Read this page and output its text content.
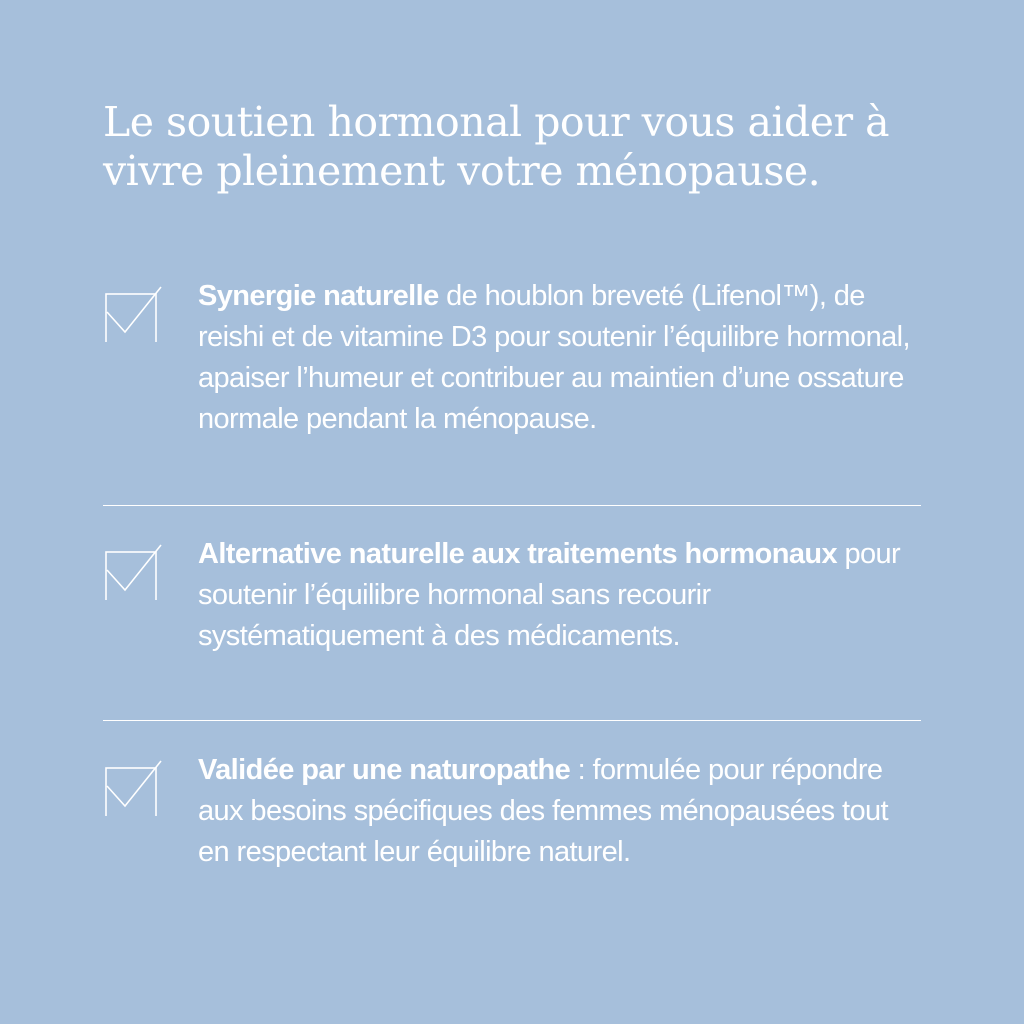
Le soutien hormonal pour vous aider à
vivre pleinement votre ménopause.

Synergie naturelle de houblon breveté (Lifenol™), de reishi et de vitamine D3 pour soutenir l’équilibre hormonal, apaiser l’humeur et contribuer au maintien d’une ossature normale pendant la ménopause.

Alternative naturelle aux traitements hormonaux pour soutenir l’équilibre hormonal sans recourir systématiquement à des médicaments.

Validée par une naturopathe : formulée pour répondre aux besoins spécifiques des femmes ménopausées tout en respectant leur équilibre naturel.
